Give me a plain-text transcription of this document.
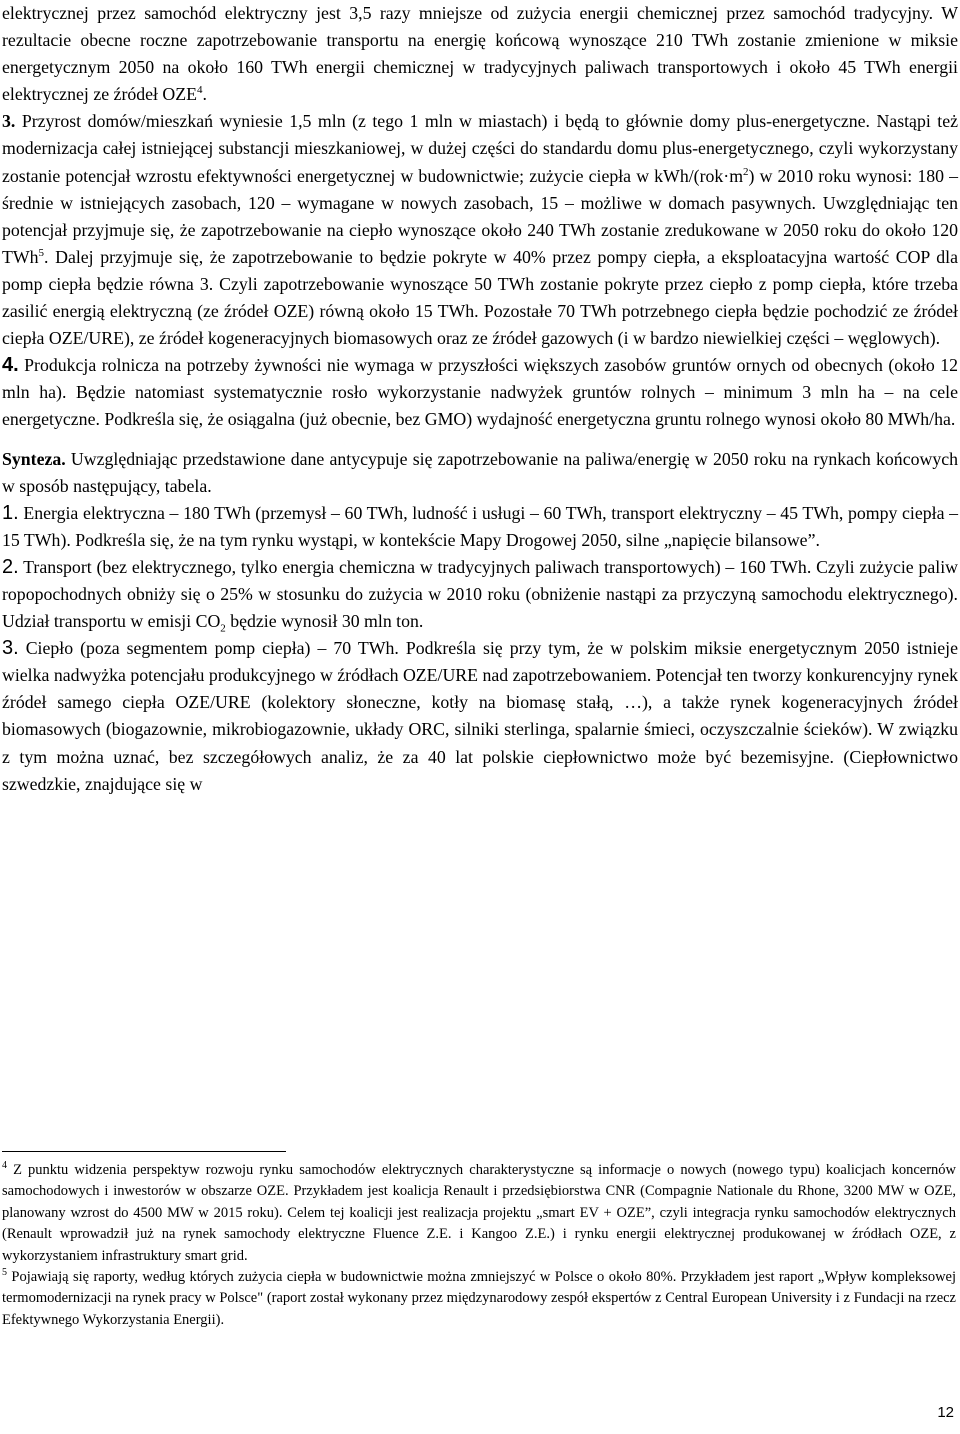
elektrycznej przez samochód elektryczny jest 3,5 razy mniejsze od zużycia energii chemicznej przez samochód tradycyjny. W rezultacie obecne roczne zapotrzebowanie transportu na energię końcową wynoszące 210 TWh zostanie zmienione w miksie energetycznym 2050 na około 160 TWh energii chemicznej w tradycyjnych paliwach transportowych i około 45 TWh energii elektrycznej ze źródeł OZE$^4$.

3. Przyrost domów/mieszkań wyniesie 1,5 mln (z tego 1 mln w miastach) i będą to głównie domy plus-energetyczne. Nastąpi też modernizacja całej istniejącej substancji mieszkaniowej, w dużej części do standardu domu plus-energetycznego, czyli wykorzystany zostanie potencjał wzrostu efektywności energetycznej w budownictwie; zużycie ciepła w kWh/$(rok\cdot m^2)$ w 2010 roku wynosi: 180 – średnie w istniejących zasobach, 120 – wymagane w nowych zasobach, 15 – możliwe w domach pasywnych. Uwzględniając ten potencjał przyjmuje się, że zapotrzebowanie na ciepło wynoszące około 240 TWh zostanie zredukowane w 2050 roku do około 120 TWh$^5$. Dalej przyjmuje się, że zapotrzebowanie to będzie pokryte w 40% przez pompy ciepła, a eksploatacyjna wartość COP dla pomp ciepła będzie równa 3. Czyli zapotrzebowanie wynoszące 50 TWh zostanie pokryte przez ciepło z pomp ciepła, które trzeba zasilić energią elektryczną (ze źródeł OZE) równą około 15 TWh. Pozostałe 70 TWh potrzebnego ciepła będzie pochodzić ze źródeł ciepła OZE/URE), ze źródeł kogeneracyjnych biomasowych oraz ze źródeł gazowych (i w bardzo niewielkiej części – węglowych).

4. Produkcja rolnicza na potrzeby żywności nie wymaga w przyszłości większych zasobów gruntów ornych od obecnych (około 12 mln ha). Będzie natomiast systematycznie rosło wykorzystanie nadwyżek gruntów rolnych – minimum 3 mln ha – na cele energetyczne. Podkreśla się, że osiągalna (już obecnie, bez GMO) wydajność energetyczna gruntu rolnego wynosi około 80 MWh/ha.

Synteza. Uwzględniając przedstawione dane antycypuje się zapotrzebowanie na paliwa/energię w 2050 roku na rynkach końcowych w sposób następujący, tabela.

1. Energia elektryczna – 180 TWh (przemysł – 60 TWh, ludność i usługi – 60 TWh, transport elektryczny – 45 TWh, pompy ciepła – 15 TWh). Podkreśla się, że na tym rynku wystąpi, w kontekście Mapy Drogowej 2050, silne „napięcie bilansowe”.

2. Transport (bez elektrycznego, tylko energia chemiczna w tradycyjnych paliwach transportowych) – 160 TWh. Czyli zużycie paliw ropopochodnych obniży się o 25% w stosunku do zużycia w 2010 roku (obniżenie nastąpi za przyczyną samochodu elektrycznego). Udział transportu w emisji $CO_2$ będzie wynosił 30 mln ton.

3. Ciepło (poza segmentem pomp ciepła) – 70 TWh. Podkreśla się przy tym, że w polskim miksie energetycznym 2050 istnieje wielka nadwyżka potencjału produkcyjnego w źródłach OZE/URE nad zapotrzebowaniem. Potencjał ten tworzy konkurencyjny rynek źródeł samego ciepła OZE/URE (kolektory słoneczne, kotły na biomasę stałą, …), a także rynek kogeneracyjnych źródeł biomasowych (biogazownie, mikrobiogazownie, układy ORC, silniki sterlinga, spalarnie śmieci, oczyszczalnie ścieków). W związku z tym można uznać, bez szczegółowych analiz, że za 40 lat polskie ciepłownictwo może być bezemisyjne. (Ciepłownictwo szwedzkie, znajdujące się w

$^4$ Z punktu widzenia perspektyw rozwoju rynku samochodów elektrycznych charakterystyczne są informacje o nowych (nowego typu) koalicjach koncernów samochodowych i inwestorów w obszarze OZE. Przykładem jest koalicja Renault i przedsiębiorstwa CNR (Compagnie Nationale du Rhone, 3200 MW w OZE, planowany wzrost do 4500 MW w 2015 roku). Celem tej koalicji jest realizacja projektu „smart EV + OZE”, czyli integracja rynku samochodów elektrycznych (Renault wprowadził już na rynek samochody elektryczne Fluence Z.E. i Kangoo Z.E.) i rynku energii elektrycznej produkowanej w źródłach OZE, z wykorzystaniem infrastruktury smart grid.

$^5$ Pojawiają się raporty, według których zużycia ciepła w budownictwie można zmniejszyć w Polsce o około 80%. Przykładem jest raport „Wpływ kompleksowej termomodernizacji na rynek pracy w Polsce" (raport został wykonany przez międzynarodowy zespół ekspertów z Central European University i z Fundacji na rzecz Efektywnego Wykorzystania Energii).

12
